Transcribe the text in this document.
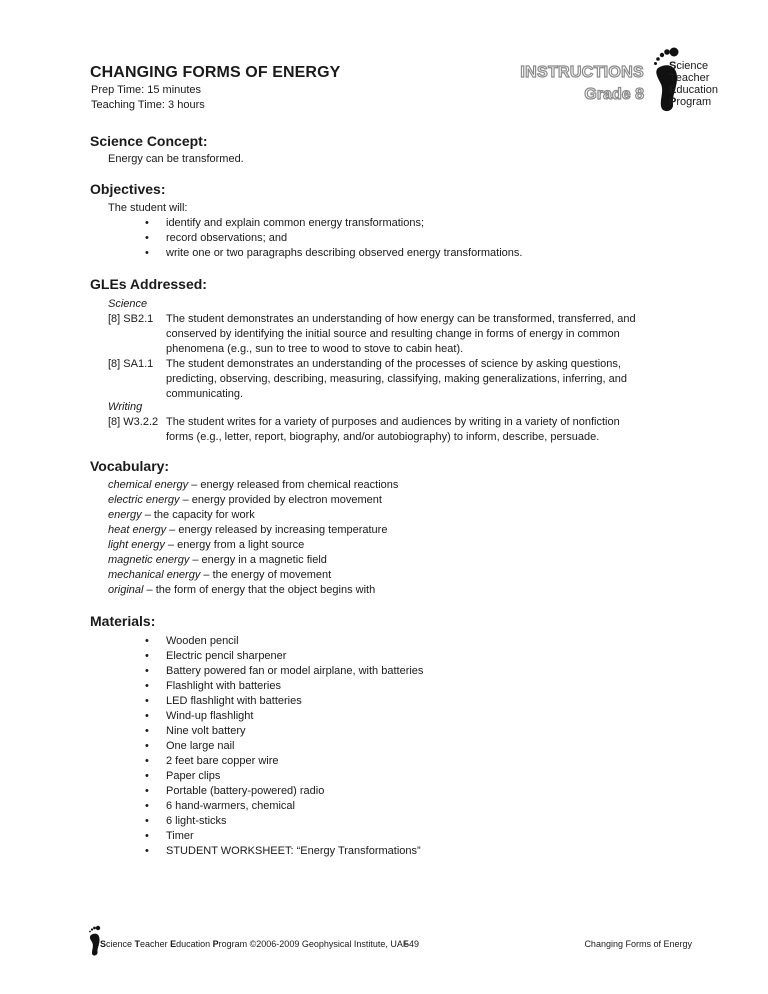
CHANGING FORMS OF ENERGY
Prep Time: 15 minutes
Teaching Time: 3 hours
INSTRUCTIONS
Grade 8
Science
Teacher
Education
Program
Science Concept:
Energy can be transformed.
Objectives:
The student will:
• identify and explain common energy transformations;
• record observations; and
• write one or two paragraphs describing observed energy transformations.
GLEs Addressed:
Science
[8] SB2.1 The student demonstrates an understanding of how energy can be transformed, transferred, and
conserved by identifying the initial source and resulting change in forms of energy in common
phenomena (e.g., sun to tree to wood to stove to cabin heat).
[8] SA1.1 The student demonstrates an understanding of the processes of science by asking questions,
predicting, observing, describing, measuring, classifying, making generalizations, inferring, and
communicating.
Writing
[8] W3.2.2 The student writes for a variety of purposes and audiences by writing in a variety of nonfiction
forms (e.g., letter, report, biography, and/or autobiography) to inform, describe, persuade.
Vocabulary:
chemical energy – energy released from chemical reactions
electric energy – energy provided by electron movement
energy – the capacity for work
heat energy – energy released by increasing temperature
light energy – energy from a light source
magnetic energy – energy in a magnetic field
mechanical energy – the energy of movement
original – the form of energy that the object begins with
Materials:
• Wooden pencil
• Electric pencil sharpener
• Battery powered fan or model airplane, with batteries
• Flashlight with batteries
• LED flashlight with batteries
• Wind-up flashlight
• Nine volt battery
• One large nail
• 2 feet bare copper wire
• Paper clips
• Portable (battery-powered) radio
• 6 hand-warmers, chemical
• 6 light-sticks
• Timer
• STUDENT WORKSHEET: “Energy Transformations”
Science Teacher Education Program ©2006-2009 Geophysical Institute, UAF
549	Changing Forms of Energy
